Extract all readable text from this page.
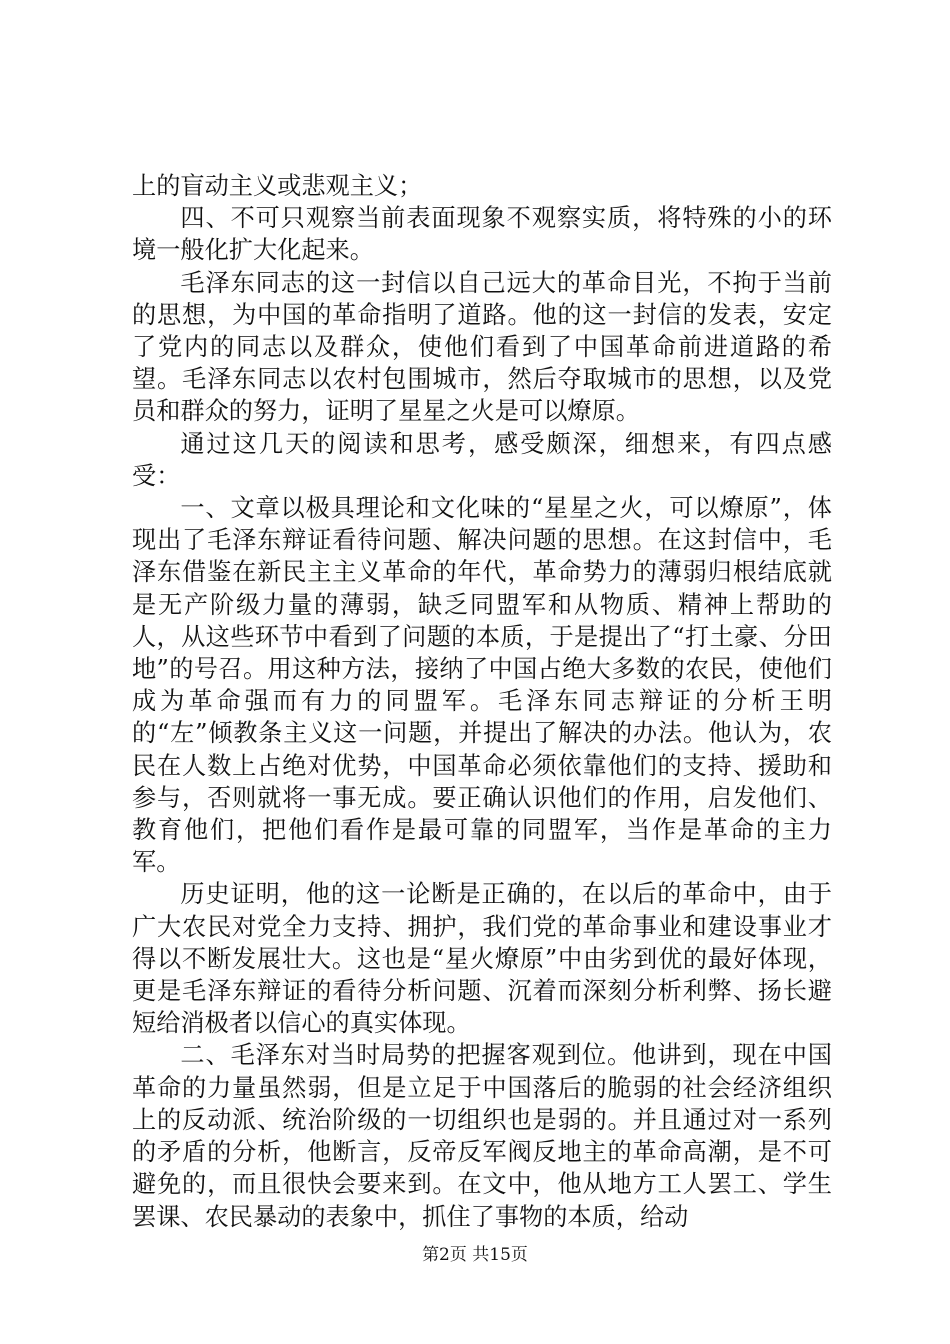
上的盲动主义或悲观主义；

四、不可只观察当前表面现象不观察实质，将特殊的小的环境一般化扩大化起来。

毛泽东同志的这一封信以自己远大的革命目光，不拘于当前的思想，为中国的革命指明了道路。他的这一封信的发表，安定了党内的同志以及群众，使他们看到了中国革命前进道路的希望。毛泽东同志以农村包围城市，然后夺取城市的思想，以及党员和群众的努力，证明了星星之火是可以燎原。

通过这几天的阅读和思考，感受颇深，细想来，有四点感受：

一、文章以极具理论和文化味的“星星之火，可以燎原”，体现出了毛泽东辩证看待问题、解决问题的思想。在这封信中，毛泽东借鉴在新民主主义革命的年代，革命势力的薄弱归根结底就是无产阶级力量的薄弱，缺乏同盟军和从物质、精神上帮助的人，从这些环节中看到了问题的本质，于是提出了“打土豪、分田地”的号召。用这种方法，接纳了中国占绝大多数的农民，使他们成为革命强而有力的同盟军。毛泽东同志辩证的分析王明的“左”倾教条主义这一问题，并提出了解决的办法。他认为，农民在人数上占绝对优势，中国革命必须依靠他们的支持、援助和参与，否则就将一事无成。要正确认识他们的作用，启发他们、教育他们，把他们看作是最可靠的同盟军，当作是革命的主力军。

历史证明，他的这一论断是正确的，在以后的革命中，由于广大农民对党全力支持、拥护，我们党的革命事业和建设事业才得以不断发展壮大。这也是“星火燎原”中由劣到优的最好体现，更是毛泽东辩证的看待分析问题、沉着而深刻分析利弊、扬长避短给消极者以信心的真实体现。

二、毛泽东对当时局势的把握客观到位。他讲到，现在中国革命的力量虽然弱，但是立足于中国落后的脆弱的社会经济组织上的反动派、统治阶级的一切组织也是弱的。并且通过对一系列的矛盾的分析，他断言，反帝反军阀反地主的革命高潮，是不可避免的，而且很快会要来到。在文中，他从地方工人罢工、学生罢课、农民暴动的表象中，抓住了事物的本质，给动

第2页 共15页
